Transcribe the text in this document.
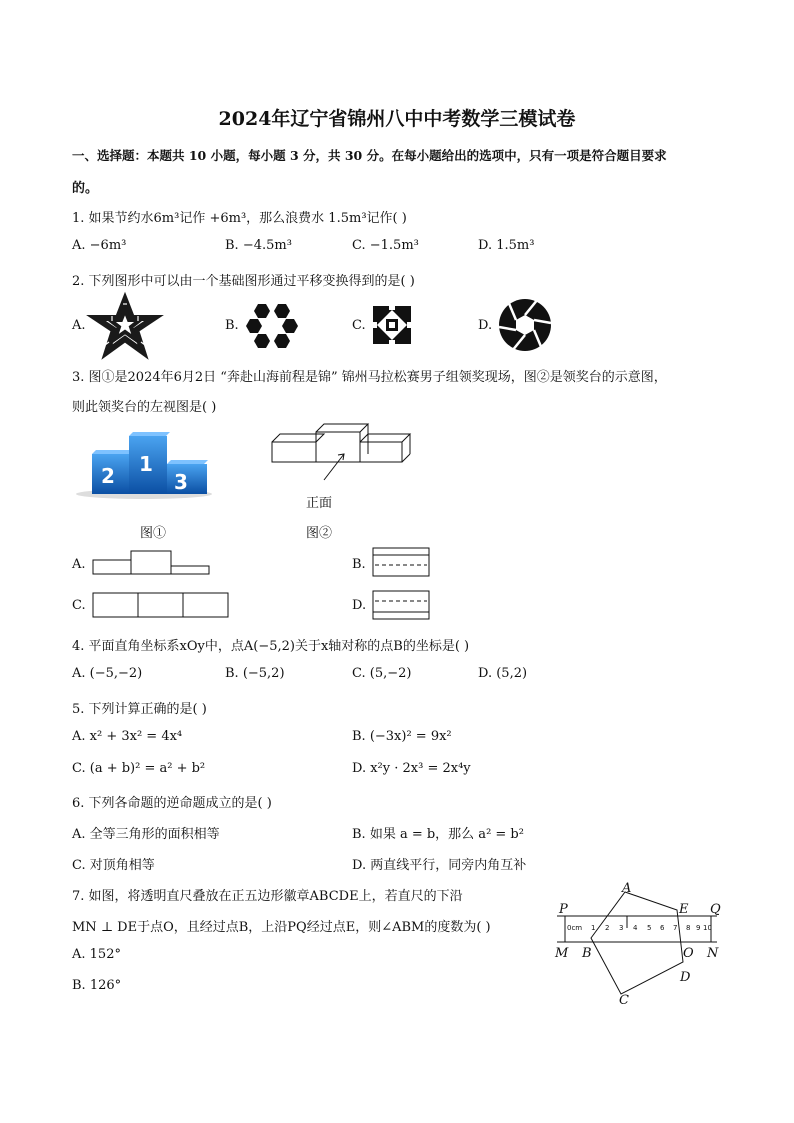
2024年辽宁省锦州八中中考数学三模试卷
一、选择题：本题共 10 小题，每小题 3 分，共 30 分。在每小题给出的选项中，只有一项是符合题目要求
的。
1. 如果节约水6m³记作 +6m³，那么浪费水 1.5m³记作( )
A. −6m³	B. −4.5m³	C. −1.5m³	D. 1.5m³
2. 下列图形中可以由一个基础图形通过平移变换得到的是( )
A.	B.	C.	D.
3. 图①是2024年6月2日 “奔赴山海前程是锦” 锦州马拉松赛男子组领奖现场，图②是领奖台的示意图，
则此领奖台的左视图是( )
2 1
3
图①
正面
图②
A.	B.
C.	D.
4. 平面直角坐标系xOy中，点A(−5,2)关于x轴对称的点B的坐标是( )
A. (−5,−2)	B. (−5,2)	C. (5,−2)	D. (5,2)
5. 下列计算正确的是( )
A. x² + 3x² = 4x⁴	B. (−3x)² = 9x²
C. (a + b)² = a² + b²	D. x²y · 2x³ = 2x⁴y
6. 下列各命题的逆命题成立的是( )
A. 全等三角形的面积相等	B. 如果 a = b，那么 a² = b²
C. 对顶角相等	D. 两直线平行，同旁内角互补
7. 如图，将透明直尺叠放在正五边形徽章ABCDE上，若直尺的下沿
MN ⊥ DE于点O，且经过点B，上沿PQ经过点E，则∠ABM的度数为( )
A. 152°
B. 126°
0cm 1 2 3 4 5 6 7 8 9 10
P	Q
M	N
A
B
C
D
E
O
